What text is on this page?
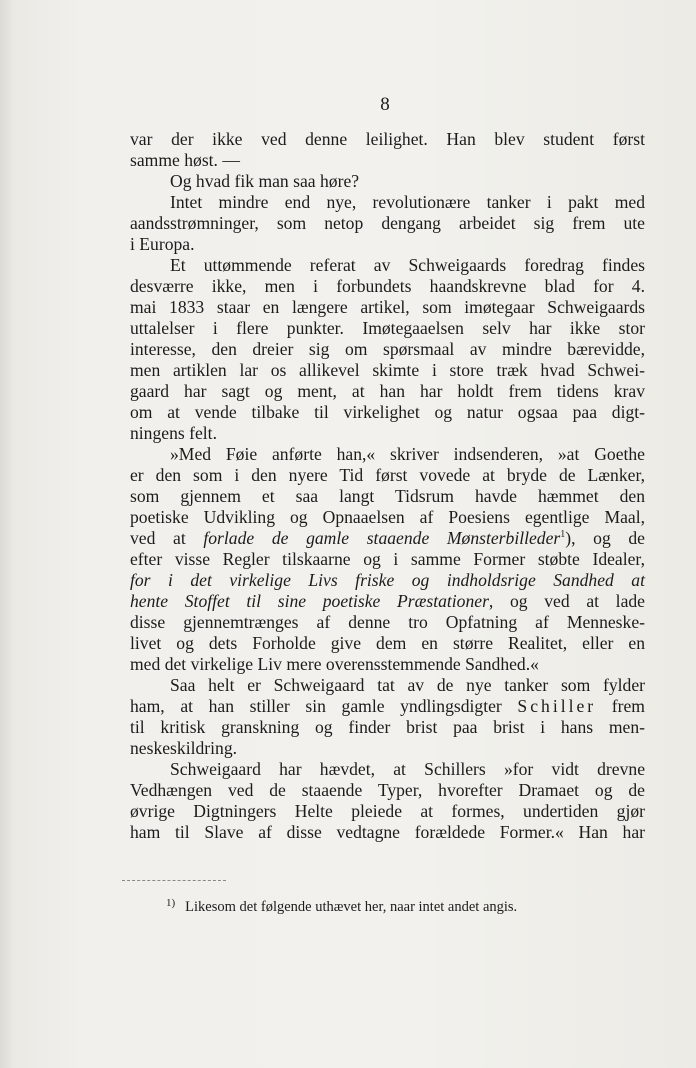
8
var der ikke ved denne leilighet. Han blev student først
samme høst. —
Og hvad fik man saa høre?
Intet mindre end nye, revolutionære tanker i pakt med
aandsstrømninger, som netop dengang arbeidet sig frem ute
i Europa.
Et uttømmende referat av Schweigaards foredrag findes
desværre ikke, men i forbundets haandskrevne blad for 4.
mai 1833 staar en længere artikel, som imøtegaar Schweigaards
uttalelser i flere punkter. Imøtegaaelsen selv har ikke stor
interesse, den dreier sig om spørsmaal av mindre bærevidde,
men artiklen lar os allikevel skimte i store træk hvad Schwei-
gaard har sagt og ment, at han har holdt frem tidens krav
om at vende tilbake til virkelighet og natur ogsaa paa digt-
ningens felt.
»Med Føie anførte han,« skriver indsenderen, »at Goethe
er den som i den nyere Tid først vovede at bryde de Lænker,
som gjennem et saa langt Tidsrum havde hæmmet den
poetiske Udvikling og Opnaaelsen af Poesiens egentlige Maal,
ved at forlade de gamle staaende Mønsterbilleder$^1$), og de
efter visse Regler tilskaarne og i samme Former støbte Idealer,
for i det virkelige Livs friske og indholdsrige Sandhed at
hente Stoffet til sine poetiske Præstationer, og ved at lade
disse gjennemtrænges af denne tro Opfatning af Menneske-
livet og dets Forholde give dem en større Realitet, eller en
med det virkelige Liv mere overensstemmende Sandhed.«
Saa helt er Schweigaard tat av de nye tanker som fylder
ham, at han stiller sin gamle yndlingsdigter Schiller frem
til kritisk granskning og finder brist paa brist i hans men-
neskeskildring.
Schweigaard har hævdet, at Schillers »for vidt drevne
Vedhængen ved de staaende Typer, hvorefter Dramaet og de
øvrige Digtningers Helte pleiede at formes, undertiden gjør
ham til Slave af disse vedtagne forældede Former.« Han har
$^{1)}$ Likesom det følgende uthævet her, naar intet andet angis.
